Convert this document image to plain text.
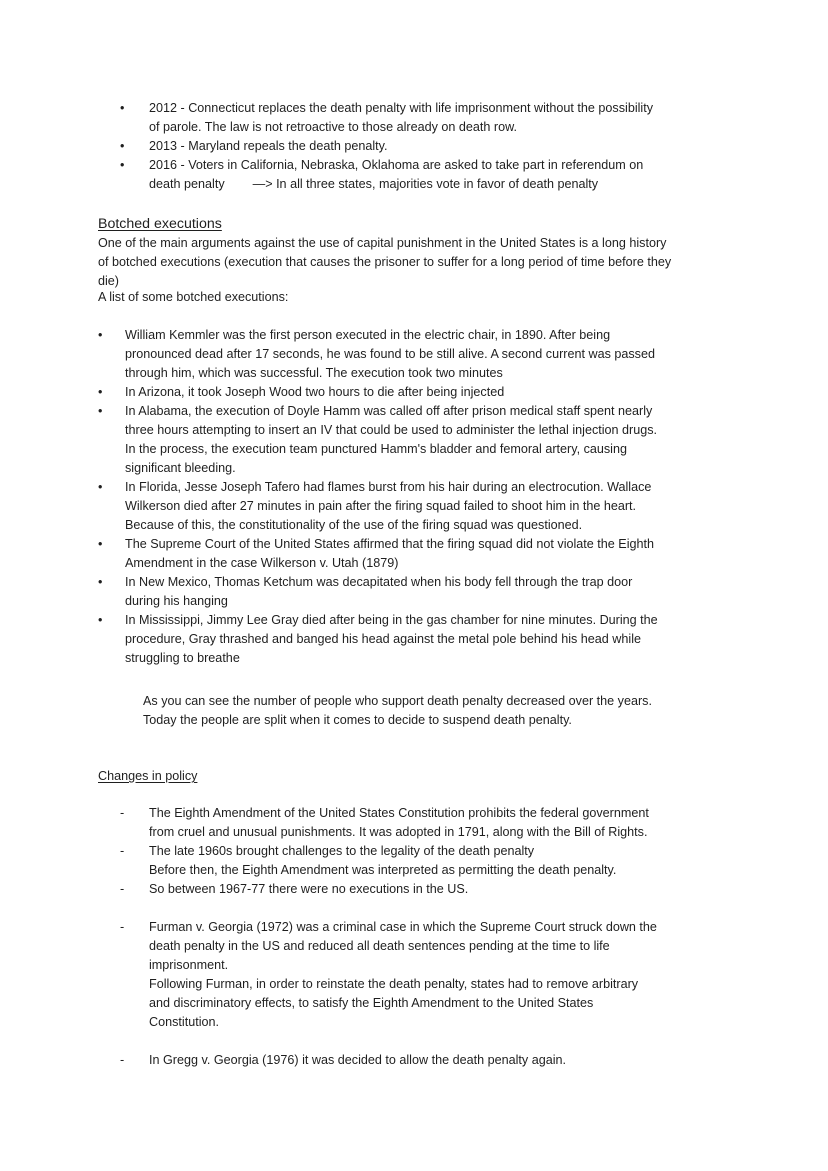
• 2012 - Connecticut replaces the death penalty with life imprisonment without the possibility
of parole. The law is not retroactive to those already on death row.
• 2013 - Maryland repeals the death penalty.
• 2016 - Voters in California, Nebraska, Oklahoma are asked to take part in referendum on
death penalty        —> In all three states, majorities vote in favor of death penalty
Botched executions
One of the main arguments against the use of capital punishment in the United States is a long history
of botched executions (execution that causes the prisoner to suffer for a long period of time before they
die)
A list of some botched executions:
• William Kemmler was the first person executed in the electric chair, in 1890. After being
pronounced dead after 17 seconds, he was found to be still alive. A second current was passed
through him, which was successful. The execution took two minutes
• In Arizona, it took Joseph Wood two hours to die after being injected
• In Alabama, the execution of Doyle Hamm was called off after prison medical staff spent nearly
three hours attempting to insert an IV that could be used to administer the lethal injection drugs.
In the process, the execution team punctured Hamm's bladder and femoral artery, causing
significant bleeding.
• In Florida, Jesse Joseph Tafero had flames burst from his hair during an electrocution. Wallace
Wilkerson died after 27 minutes in pain after the firing squad failed to shoot him in the heart.
Because of this, the constitutionality of the use of the firing squad was questioned.
• The Supreme Court of the United States affirmed that the firing squad did not violate the Eighth
Amendment in the case Wilkerson v. Utah (1879)
• In New Mexico, Thomas Ketchum was decapitated when his body fell through the trap door
during his hanging
• In Mississippi, Jimmy Lee Gray died after being in the gas chamber for nine minutes. During the
procedure, Gray thrashed and banged his head against the metal pole behind his head while
struggling to breathe
As you can see the number of people who support death penalty decreased over the years.
Today the people are split when it comes to decide to suspend death penalty.
Changes in policy
- The Eighth Amendment of the United States Constitution prohibits the federal government
from cruel and unusual punishments. It was adopted in 1791, along with the Bill of Rights.
- The late 1960s brought challenges to the legality of the death penalty
Before then, the Eighth Amendment was interpreted as permitting the death penalty.
- So between 1967-77 there were no executions in the US.
- Furman v. Georgia (1972) was a criminal case in which the Supreme Court struck down the
death penalty in the US and reduced all death sentences pending at the time to life
imprisonment.
Following Furman, in order to reinstate the death penalty, states had to remove arbitrary
and discriminatory effects, to satisfy the Eighth Amendment to the United States
Constitution.
- In Gregg v. Georgia (1976) it was decided to allow the death penalty again.
